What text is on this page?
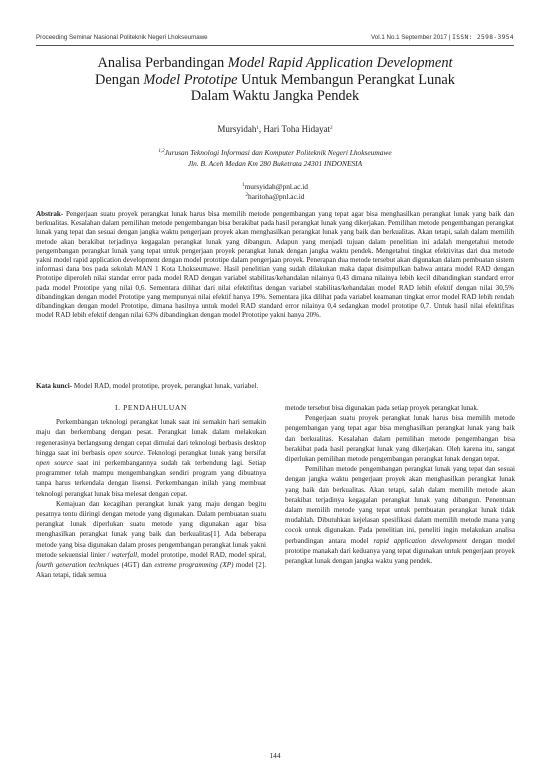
Proceeding Seminar Nasional Politeknik Negeri Lhokseumawe	Vol.1 No.1 September 2017 | ISSN: 2598-3954
Analisa Perbandingan Model Rapid Application Development
Dengan Model Prototipe Untuk Membangun Perangkat Lunak
Dalam Waktu Jangka Pendek
Mursyidah$^1$, Hari Toha Hidayat$^2$
$^{1,2}$Jurusan Teknologi Informasi dan Komputer Politeknik Negeri Lhokseumawe
Jln. B. Aceh Medan Km 280 Buketrata 24301 INDONESIA
$^1$mursyidah@pnl.ac.id
$^2$haritoha@pnl.ac.id
Abstrak- Pengerjaan suatu proyek perangkat lunak harus bisa memilih metode pengembangan yang tepat agar bisa menghasilkan perangkat lunak yang baik dan berkualitas. Kesalahan dalam pemilihan metode pengembangan bisa berakibat pada hasil perangkat lunak yang dikerjakan. Pemilihan metode pengembangan perangkat lunak yang tepat dan sesuai dengan jangka waktu pengerjaan proyek akan menghasilkan perangkat lunak yang baik dan berkualitas. Akan tetapi, salah dalam memilih metode akan berakibat terjadinya kegagalan perangkat lunak yang dibangun. Adapun yang menjadi tujuan dalam penelitian ini adalah mengetahui metode pengembangan perangkat lunak yang tepat untuk pengerjaan proyek perangkat lunak dengan jangka waktu pendek. Mengetahui tingkat efektivitas dari dua metode yakni model rapid application development dengan model prototipe dalam pengerjaan proyek. Penerapan dua metode tersebut akan digunakan dalam pembuatan sistem informasi dana bos pada sekolah MAN 1 Kota Lhokseumawe. Hasil penelitian yang sudah dilakukan maka dapat disimpulkan bahwa antara model RAD dengan Prototipe diperoleh nilai standar error pada model RAD dengan variabel stabilitas/kehandalan nilainya 0,43 dimana nilainya lebih kecil dibandingkan standard error pada model Prototipe yang nilai 0,6. Sementara dilihat dari nilai efektifitas dengan variabel stabilitas/kehandalan model RAD lebih efektif dengan nilai 30,5% dibandingkan dengan model Prototipe yang mempunyai nilai efektif hanya 19%. Sementara jika dilihat pada variabel keamanan tingkat error model RAD lebih rendah dibandingkan dengan model Prototipe, dimana hasilnya untuk model RAD standard error nilainya 0,4 sedangkan model prototipe 0,7. Untuk hasil nilai efektifitas model RAD lebih efektif dengan nilai 63% dibandingkan dengan model Prototipe yakni hanya 20%.
Kata kunci- Model RAD, model prototipe, proyek, perangkat lunak, variabel.
I. PENDAHULUAN

Perkembangan teknologi perangkat lunak saat ini semakin hari semakin maju dan berkembang dengan pesat. Perangkat lunak dalam melakukan regenerasinya berlangsung dengan cepat dimulai dari teknologi berbasis desktop hingga saat ini berbasis open source. Teknologi perangkat lunak yang bersifat open source saat ini perkembangannya sudah tak terbendung lagi. Setiap programmer telah mampu mengembangkan sendiri program yang dibuatnya tanpa harus terkendala dengan lisensi. Perkembangan inilah yang membuat teknologi perangkat lunak bisa melesat dengan cepat.

Kemajuan dan kecagihan perangkat lunak yang maju dengan begitu pesatnya tentu diiringi dengan metode yang digunakan. Dalam pembuatan suatu perangkat lunak diperlukan suatu metode yang digunakan agar bisa menghasilkan perangkat lunak yang baik dan berkualitas[1]. Ada beberapa metode yang bisa digunakan dalam proses pengembangan perangkat lunak yakni metode sekuensial linier / waterfall, model prototipe, model RAD, model spiral, fourth generation techniques (4GT) dan extreme programming (XP) model [2]. Akan tetapi, tidak semua

metode tersebut bisa digunakan pada setiap proyek perangkat lunak.

Pengerjaan suatu proyek perangkat lunak harus bisa memilih metode pengembangan yang tepat agar bisa menghasilkan perangkat lunak yang baik dan berkualitas. Kesalahan dalam pemilihan metode pengembangan bisa berakibat pada hasil perangkat lunak yang dikerjakan. Oleh karena itu, sangat diperlukan pemilihan metode pengembangan perangkat lunak dengan tepat.

Pemilihan metode pengembangan perangkat lunak yang tepat dan sesuai dengan jangka waktu pengerjaan proyek akan menghasilkan perangkat lunak yang baik dan berkualitas. Akan tetapi, salah dalam memilih metode akan berakibat terjadinya kegagalan perangkat lunak yang dibangun. Penentuan dalam memilih metode yang tepat untuk pembuatan perangkat lunak tidak mudahlah. Dibutuhkan kejelasan spesifikasi dalam memilih metode mana yang cocok untuk digunakan. Pada penelitian ini, peneliti ingin melakukan analisa perbandingan antara model rapid application development dengan model prototipe manakah dari keduanya yang tepat digunakan untuk pengerjaan proyek perangkat lunak dengan jangka waktu yang pendek.

144
